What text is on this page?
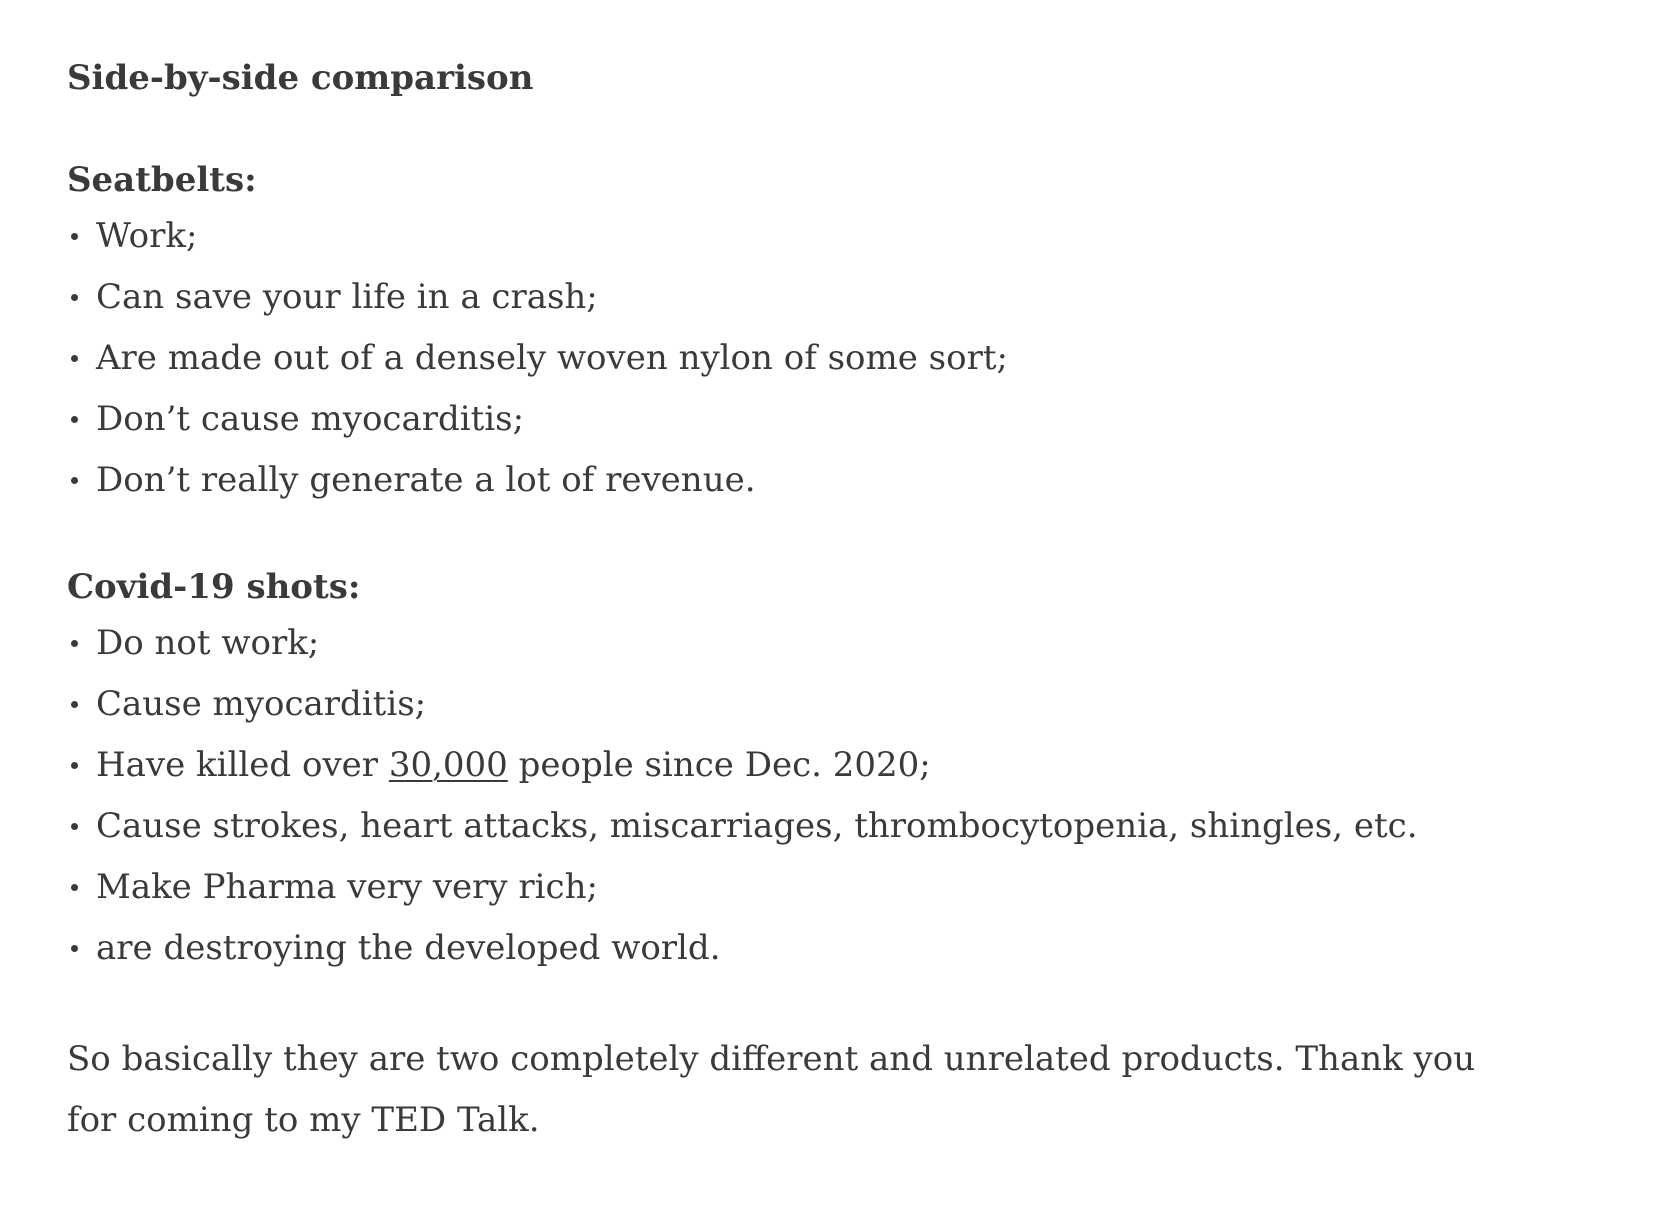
Side-by-side comparison
Seatbelts:
Work;
Can save your life in a crash;
Are made out of a densely woven nylon of some sort;
Don’t cause myocarditis;
Don’t really generate a lot of revenue.
Covid-19 shots:
Do not work;
Cause myocarditis;
Have killed over 30,000 people since Dec. 2020;
Cause strokes, heart attacks, miscarriages, thrombocytopenia, shingles, etc.
Make Pharma very very rich;
are destroying the developed world.

So basically they are two completely different and unrelated products. Thank you for coming to my TED Talk.
